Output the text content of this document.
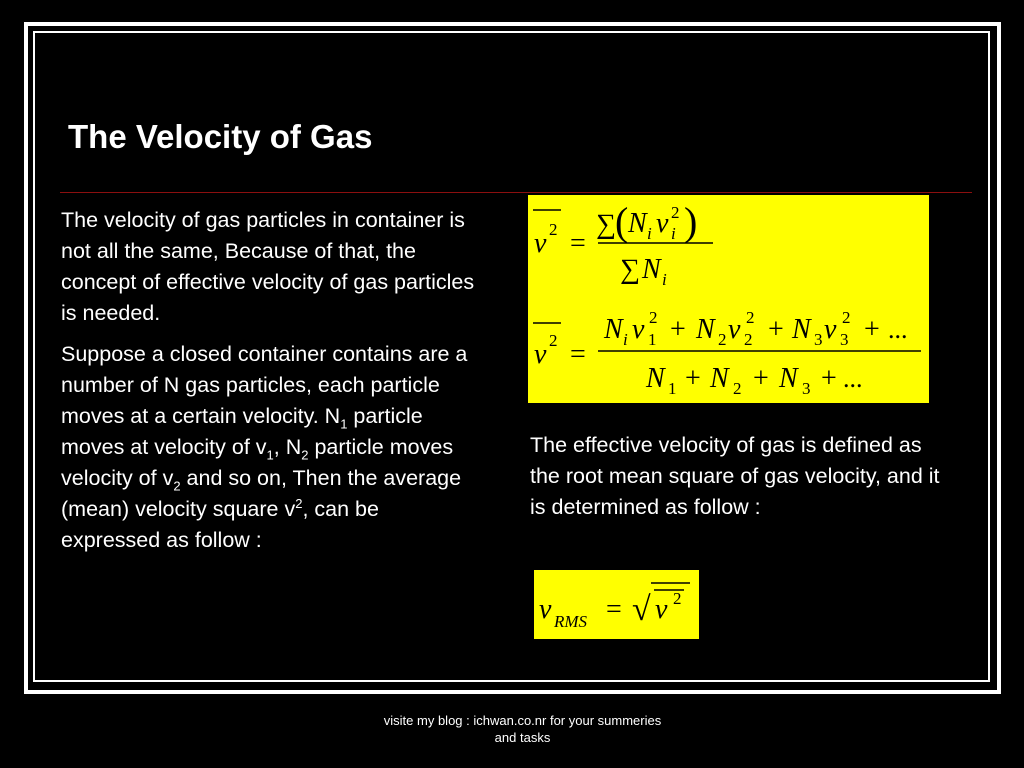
The Velocity of Gas

The velocity of gas particles in container is not all the same, Because of that, the concept of effective velocity of gas particles is needed.

Suppose a closed container contains are a number of N gas particles, each particle moves at a certain velocity. $N_1$ particle moves at velocity of $v_1$, $N_2$ particle moves velocity of $v_2$ and so on, Then the average (mean) velocity square $v^2$, can be expressed as follow :

v 2 =
∑ ( N i v i
2 )
∑ N i
v 2 =
N i v 1
2 + N 2 v 2
2 + N 3 v 3
2 + ...
N 1 + N 2 + N 3 + ...
The effective velocity of gas is defined as the root mean square of gas velocity, and it is determined as follow :
v RMS = √ v 2
visite my blog : ichwan.co.nr for your summeries
and tasks
